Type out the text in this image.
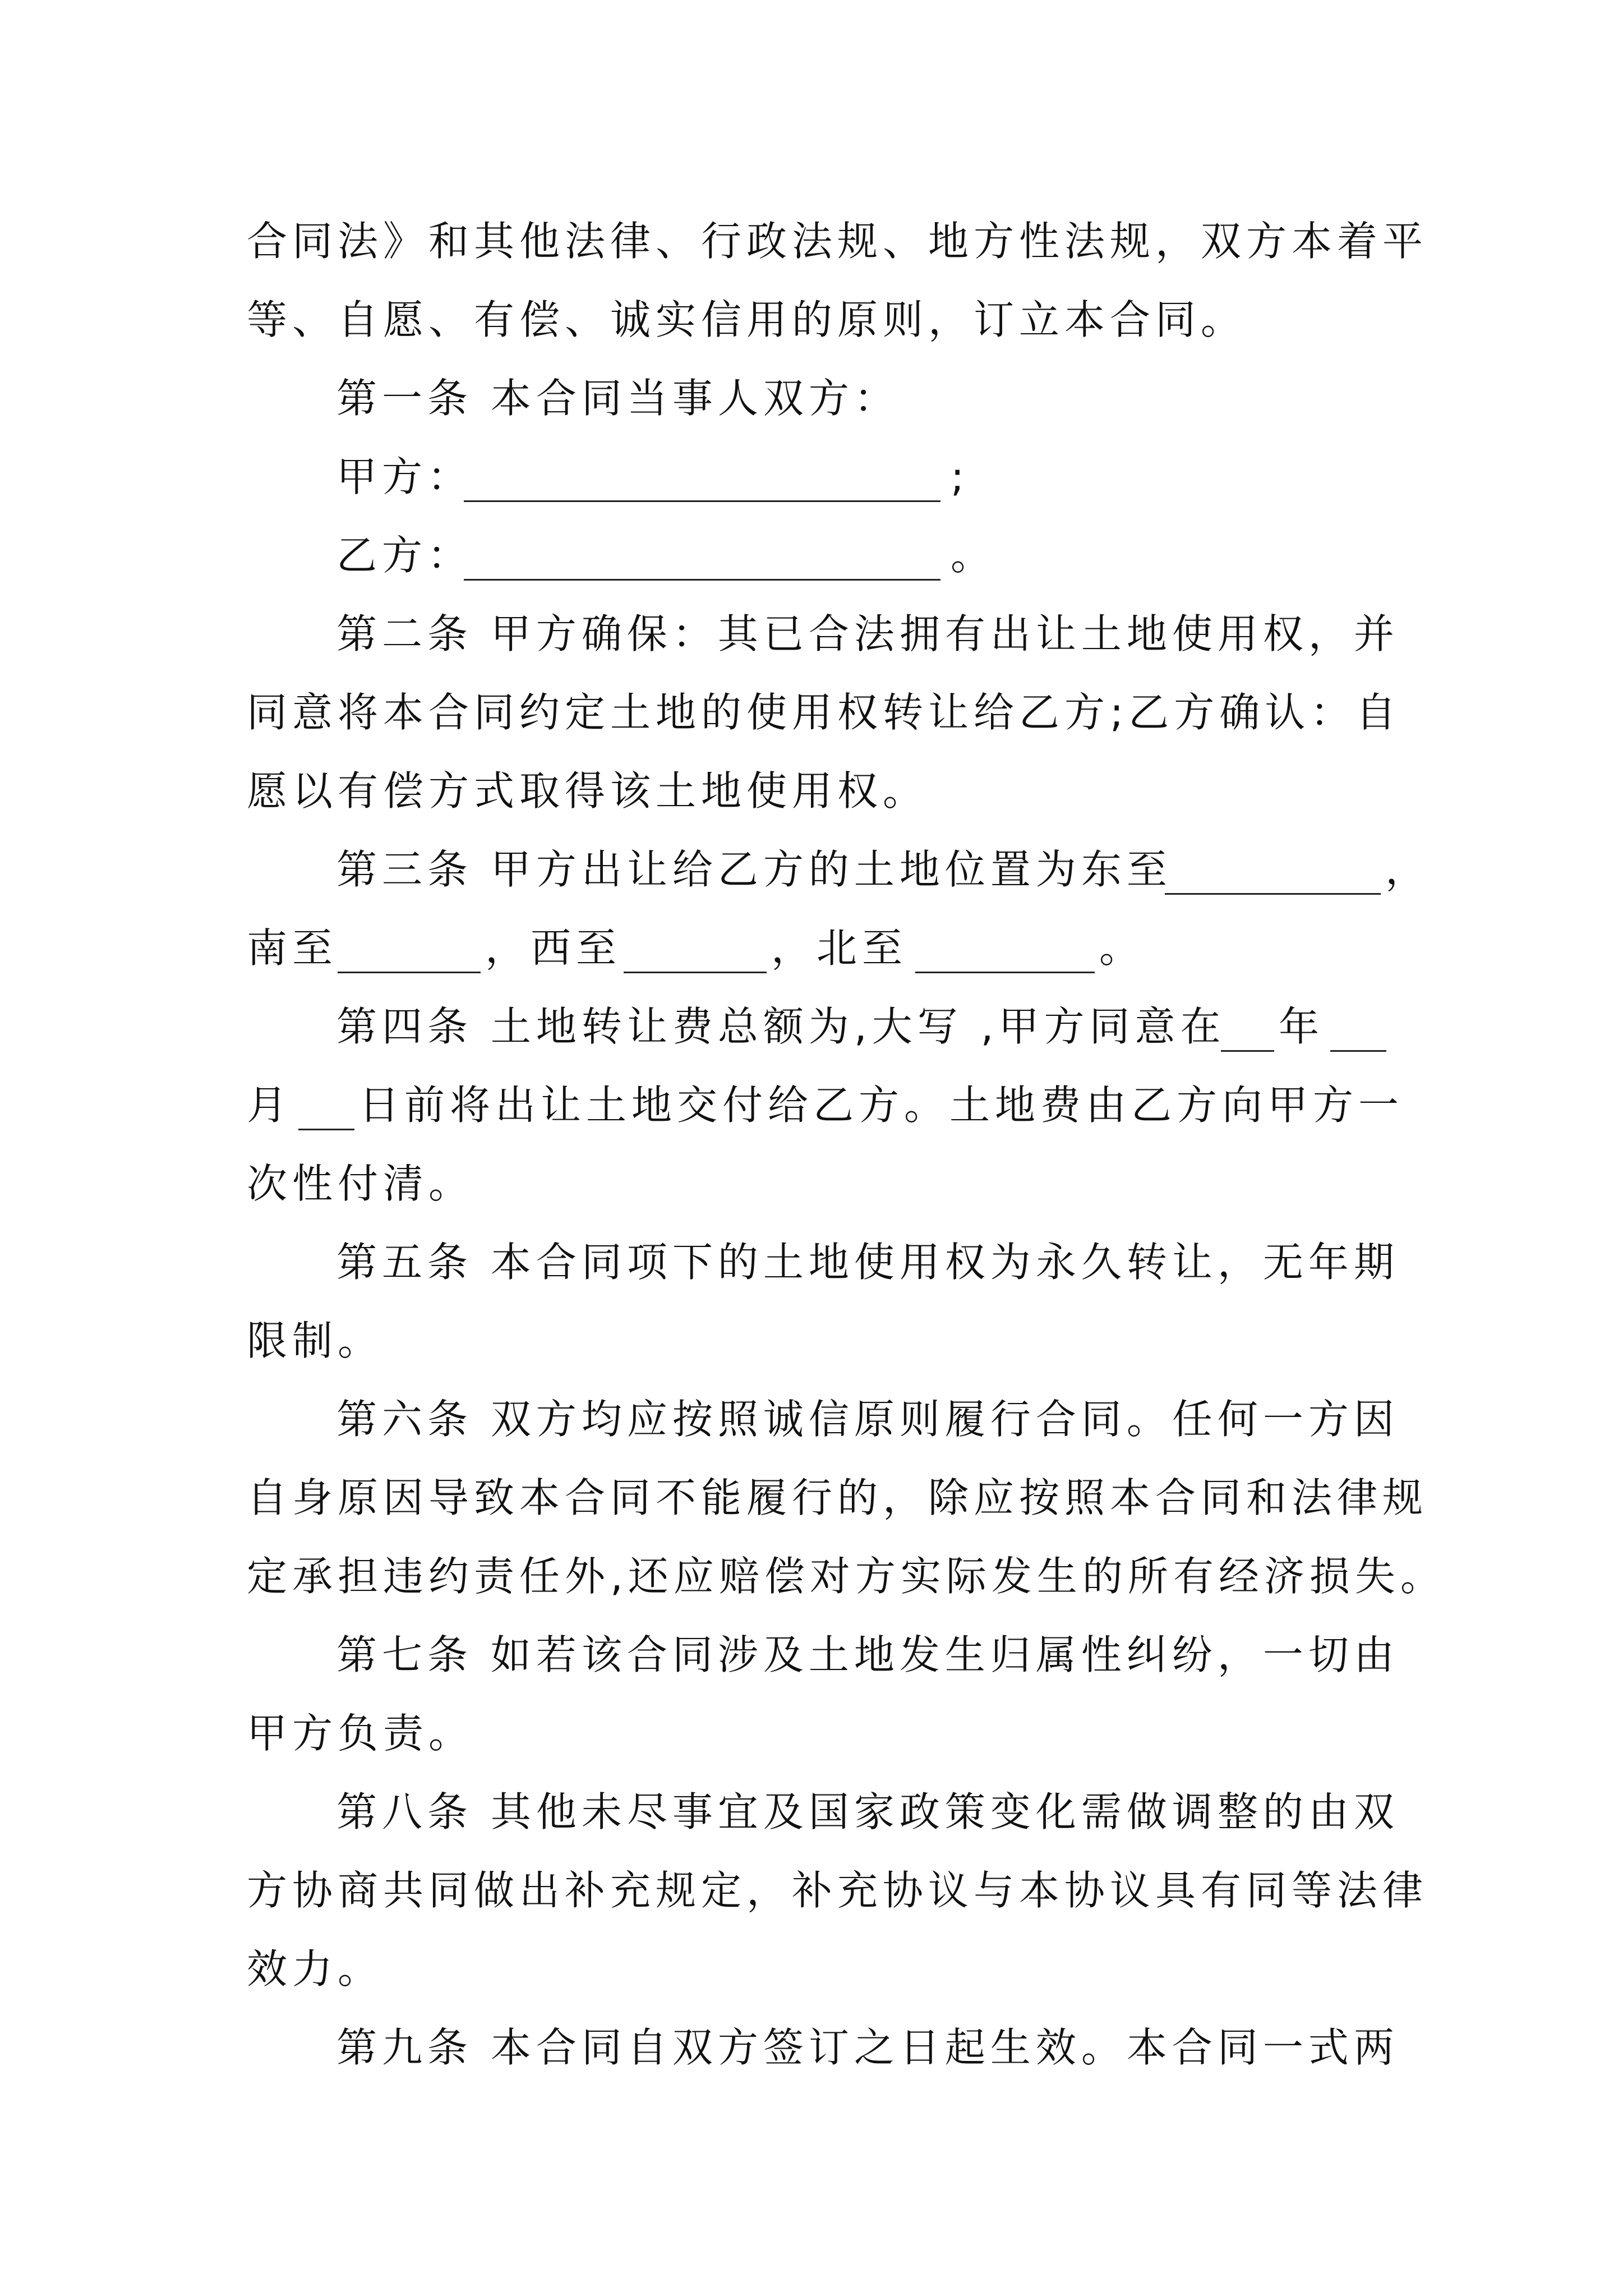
合同法》和其他法律、行政法规、地方性法规，双方本着平
等、自愿、有偿、诚实信用的原则，订立本合同。
第一条 本合同当事人双方：
甲方：	;
乙方：	。
第二条 甲方确保：其已合法拥有出让土地使用权，并
同意将本合同约定土地的使用权转让给乙方;乙方确认：自
愿以有偿方式取得该土地使用权。
第三条 甲方出让给乙方的土地位置为东至	，
南至	，西至	，北至	。
第四条 土地转让费总额为,大写 ,甲方同意在 年
月 日前将出让土地交付给乙方。土地费由乙方向甲方一
次性付清。
第五条 本合同项下的土地使用权为永久转让，无年期
限制。
第六条 双方均应按照诚信原则履行合同。任何一方因
自身原因导致本合同不能履行的，除应按照本合同和法律规
定承担违约责任外,还应赔偿对方实际发生的所有经济损失。
第七条 如若该合同涉及土地发生归属性纠纷，一切由
甲方负责。
第八条 其他未尽事宜及国家政策变化需做调整的由双
方协商共同做出补充规定，补充协议与本协议具有同等法律
效力。
第九条 本合同自双方签订之日起生效。本合同一式两
